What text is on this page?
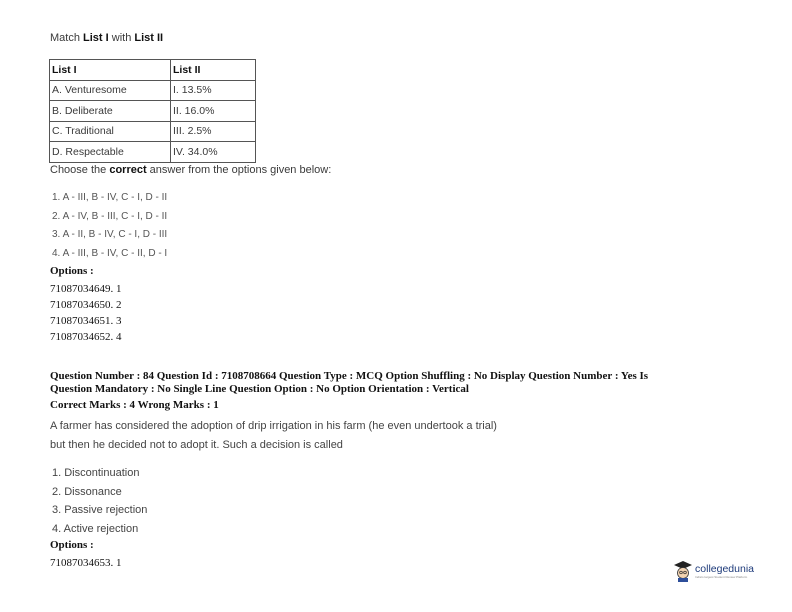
Match List I with List II
List I	List II
A. Venturesome	I. 13.5%
B. Deliberate	II. 16.0%
C. Traditional	III. 2.5%
D. Respectable	IV. 34.0%
Choose the correct answer from the options given below:
1. A - III, B - IV, C - I, D - II
2. A - IV, B - III, C - I, D - II
3. A - II, B - IV, C - I, D - III
4. A - III, B - IV, C - II, D - I
Options :
71087034649. 1
71087034650. 2
71087034651. 3
71087034652. 4
Question Number : 84 Question Id : 7108708664 Question Type : MCQ Option Shuffling : No Display Question Number : Yes Is
Question Mandatory : No Single Line Question Option : No Option Orientation : Vertical
Correct Marks : 4 Wrong Marks : 1
A farmer has considered the adoption of drip irrigation in his farm (he even undertook a trial)
but then he decided not to adopt it. Such a decision is called
1. Discontinuation
2. Dissonance
3. Passive rejection
4. Active rejection
Options :
71087034653. 1	collegedunia
India's largest Student Review Platform
